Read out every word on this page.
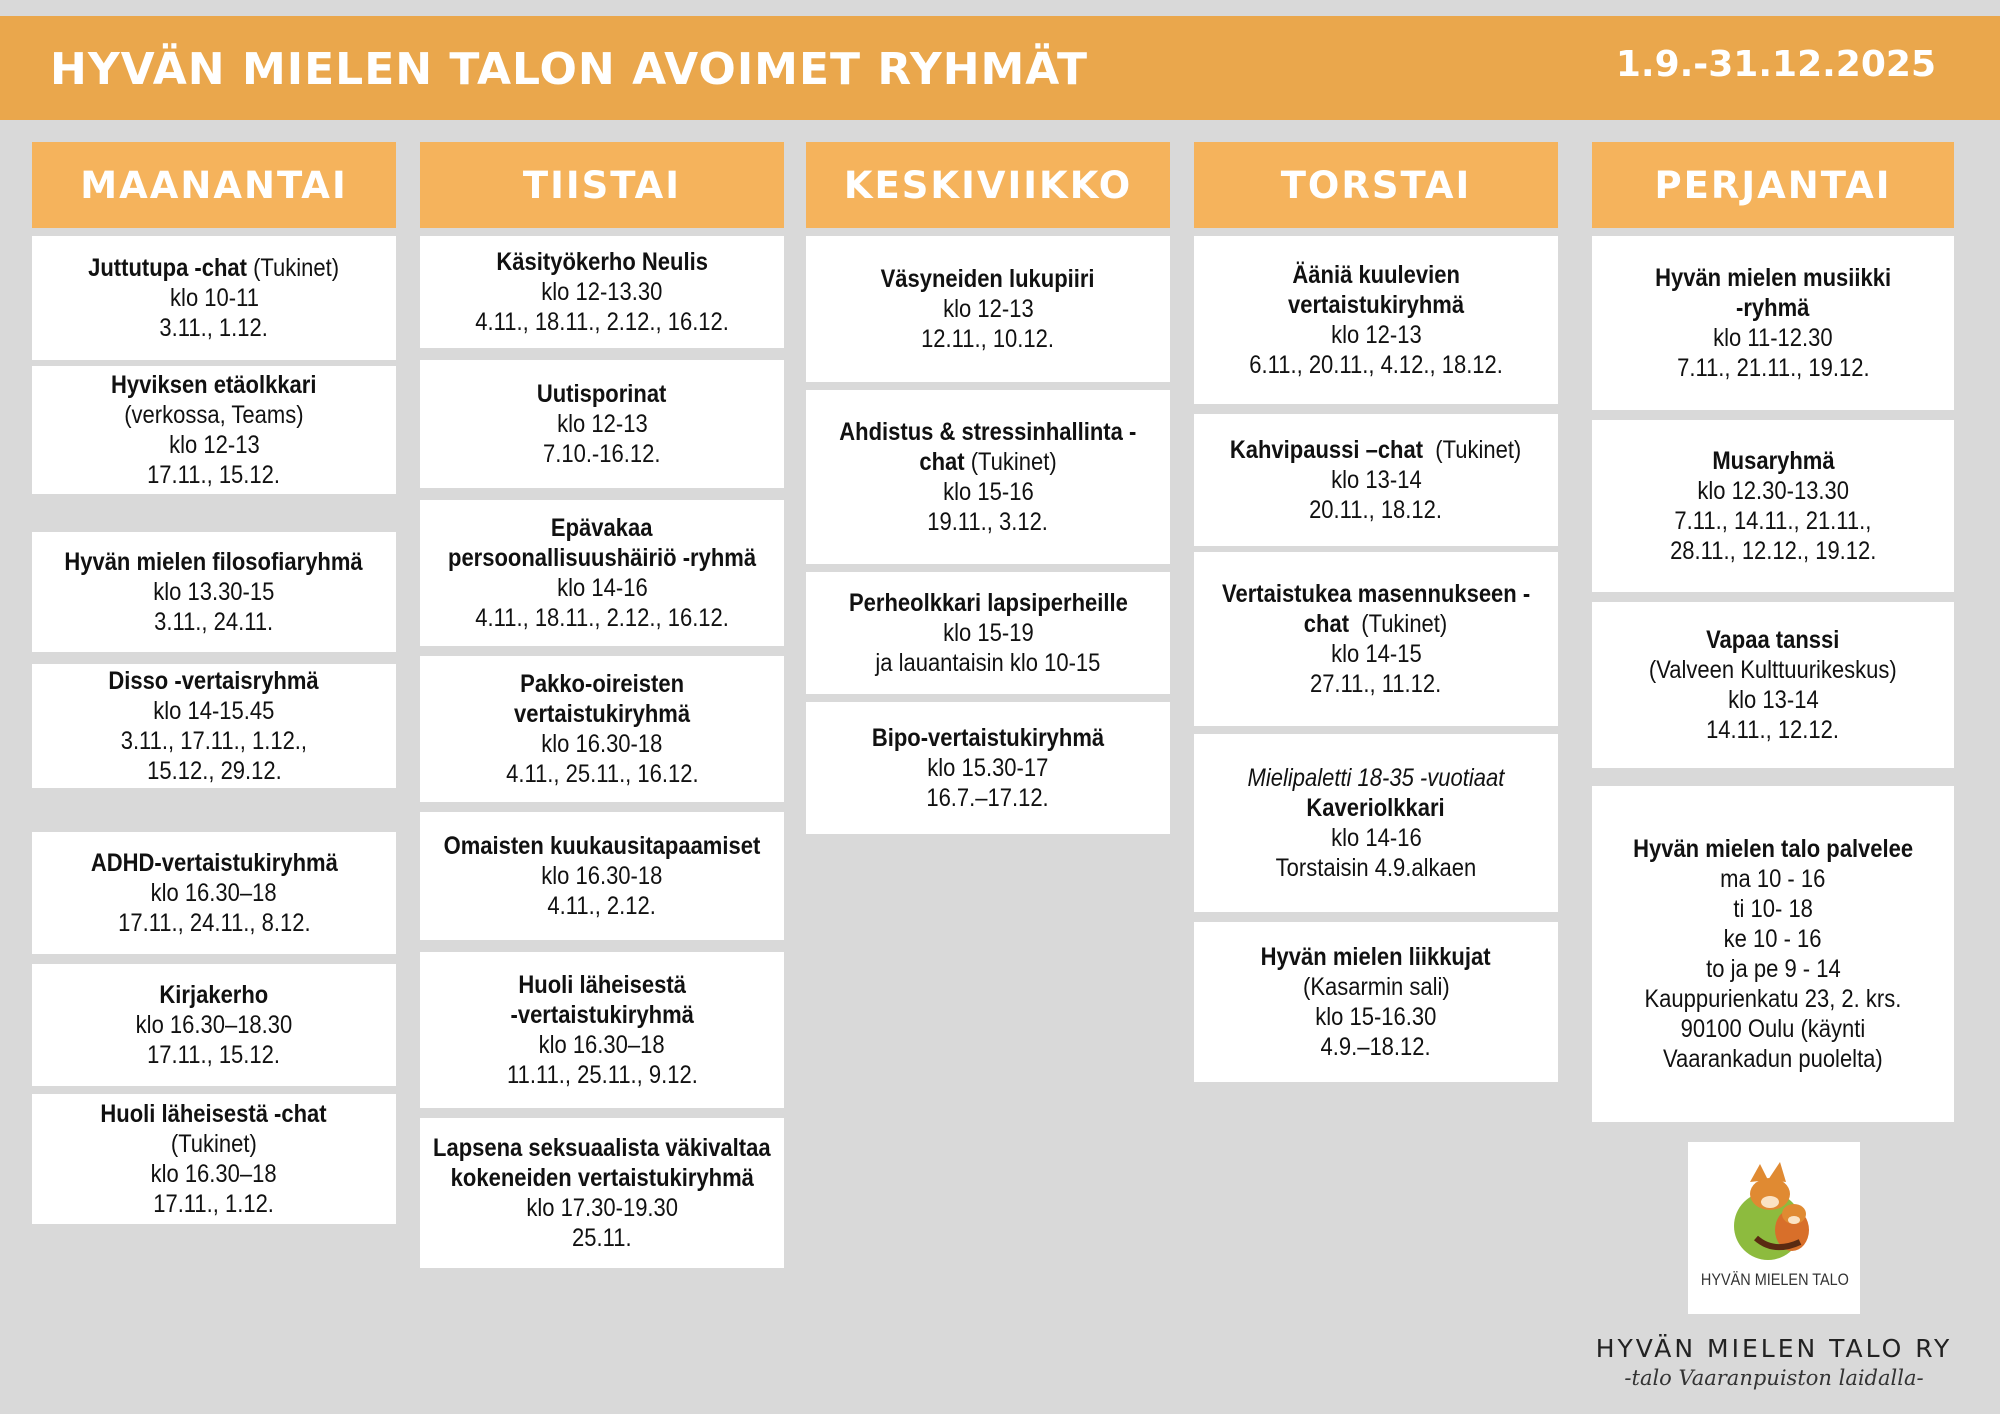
HYVÄN MIELEN TALON AVOIMET RYHMÄT	1.9.-31.12.2025
MAANANTAI
Juttutupa -chat (Tukinet)
klo 10-11
3.11., 1.12.
Hyviksen etäolkkari
(verkossa, Teams)
klo 12-13
17.11., 15.12.
Hyvän mielen filosofiaryhmä
klo 13.30-15
3.11., 24.11.
Disso -vertaisryhmä
klo 14-15.45
3.11., 17.11., 1.12.,
15.12., 29.12.
ADHD-vertaistukiryhmä
klo 16.30–18
17.11., 24.11., 8.12.
Kirjakerho
klo 16.30–18.30
17.11., 15.12.
Huoli läheisestä -chat
(Tukinet)
klo 16.30–18
17.11., 1.12.
TIISTAI
Käsityökerho Neulis
klo 12-13.30
4.11., 18.11., 2.12., 16.12.
Uutisporinat
klo 12-13
7.10.-16.12.
Epävakaa
persoonallisuushäiriö -ryhmä
klo 14-16
4.11., 18.11., 2.12., 16.12.
Pakko-oireisten
vertaistukiryhmä
klo 16.30-18
4.11., 25.11., 16.12.
Omaisten kuukausitapaamiset
klo 16.30-18
4.11., 2.12.
Huoli läheisestä
-vertaistukiryhmä
klo 16.30–18
11.11., 25.11., 9.12.
Lapsena seksuaalista väkivaltaa
kokeneiden vertaistukiryhmä
klo 17.30-19.30
25.11.
KESKIVIIKKO
Väsyneiden lukupiiri
klo 12-13
12.11., 10.12.
Ahdistus & stressinhallinta -
chat (Tukinet)
klo 15-16
19.11., 3.12.
Perheolkkari lapsiperheille
klo 15-19
ja lauantaisin klo 10-15
Bipo-vertaistukiryhmä
klo 15.30-17
16.7.–17.12.
TORSTAI
Ääniä kuulevien
vertaistukiryhmä
klo 12-13
6.11., 20.11., 4.12., 18.12.
Kahvipaussi –chat  (Tukinet)
klo 13-14
20.11., 18.12.
Vertaistukea masennukseen -
chat  (Tukinet)
klo 14-15
27.11., 11.12.
Mielipaletti 18-35 -vuotiaat
Kaveriolkkari
klo 14-16
Torstaisin 4.9.alkaen
Hyvän mielen liikkujat
(Kasarmin sali)
klo 15-16.30
4.9.–18.12.
PERJANTAI
Hyvän mielen musiikki
-ryhmä
klo 11-12.30
7.11., 21.11., 19.12.
Musaryhmä
klo 12.30-13.30
7.11., 14.11., 21.11.,
28.11., 12.12., 19.12.
Vapaa tanssi
(Valveen Kulttuurikeskus)
klo 13-14
14.11., 12.12.
Hyvän mielen talo palvelee
ma 10 - 16
ti 10- 18
ke 10 - 16
to ja pe 9 - 14
Kauppurienkatu 23, 2. krs.
90100 Oulu (käynti
Vaarankadun puolelta)
HYVÄN MIELEN TALO
HYVÄN MIELEN TALO RY
-talo Vaaranpuiston laidalla-
